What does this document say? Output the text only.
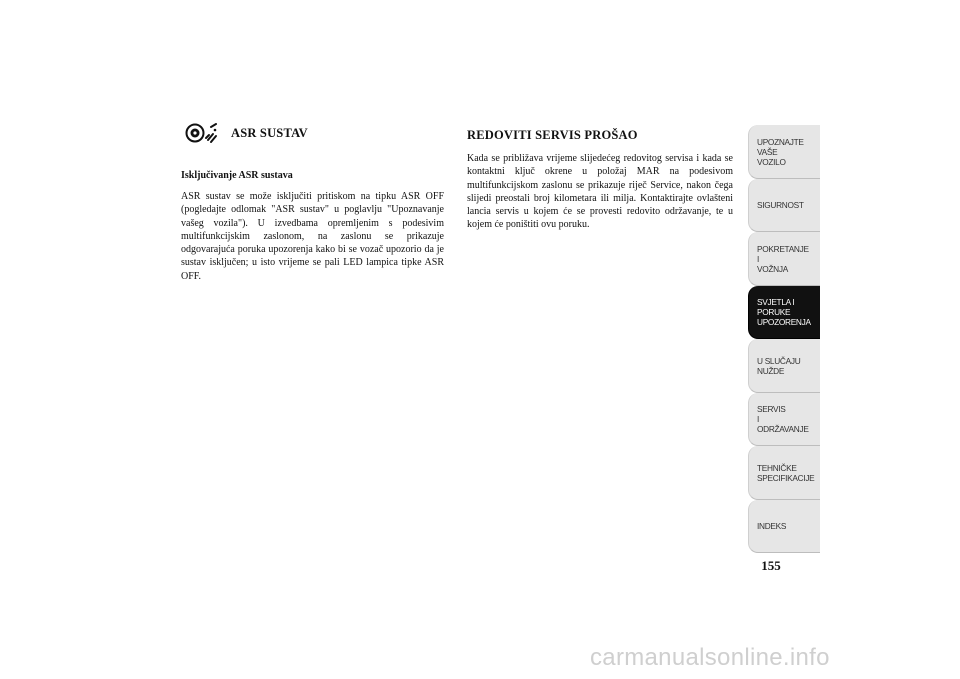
ASR SUSTAV
Isključivanje ASR sustava
ASR sustav se može isključiti pritiskom na tipku ASR OFF (pogledajte odlomak "ASR sustav" u poglavlju "Upoznavanje vašeg vozila"). U izvedbama opremljenim s podesivim multifunkcijskim zaslonom, na zaslonu se prikazuje odgovarajuća poruka upozorenja kako bi se vozač upozorio da je sustav isključen; u isto vrijeme se pali LED lampica tipke ASR OFF.
REDOVITI SERVIS PROŠAO
Kada se približava vrijeme slijedećeg redovitog servisa i kada se kontaktni ključ okrene u položaj MAR na podesivom multifunkcijskom zaslonu se prikazuje riječ Service, nakon čega slijedi preostali broj kilometara ili milja. Kontaktirajte ovlašteni lancia servis u kojem će se provesti redovito održavanje, te u kojem će poništiti ovu poruku.
UPOZNAJTE
VAŠE
VOZILO
SIGURNOST
POKRETANJE
I
VOŽNJA
SVJETLA I
PORUKE
UPOZORENJA
U SLUČAJU
NUŽDE
SERVIS
I
ODRŽAVANJE
TEHNIČKE
SPECIFIKACIJE
INDEKS
155
carmanualsonline.info
